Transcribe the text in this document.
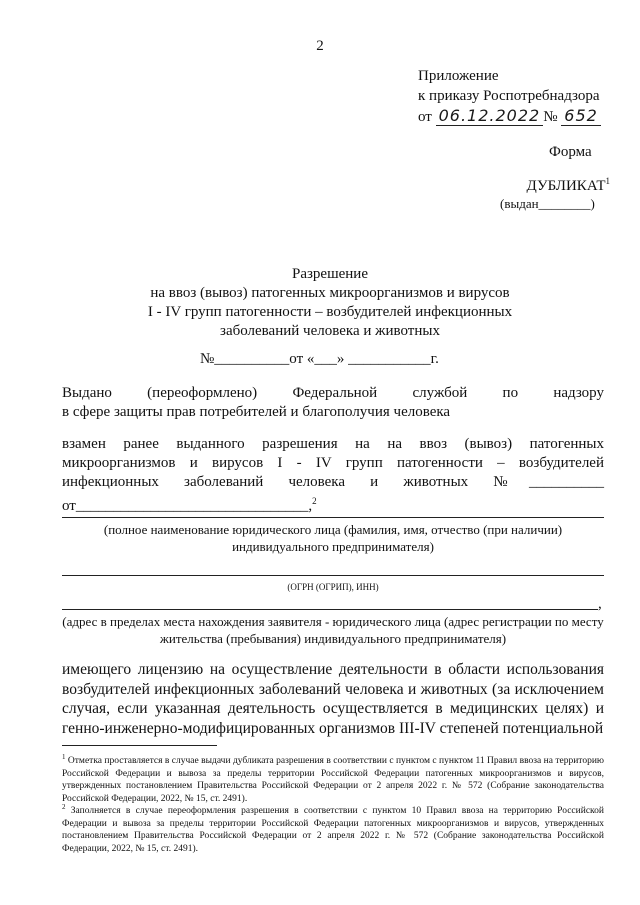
2
Приложение
к приказу Роспотребнадзора
от 06.12.2022 № 652
Форма
ДУБЛИКАТ$^1$
(выдан________)
Разрешение
на ввоз (вывоз) патогенных микроорганизмов и вирусов
I - IV групп патогенности – возбудителей инфекционных
заболеваний человека и животных
№__________от «___» ___________г.
Выдано (переоформлено) Федеральной службой по надзору
в сфере защиты прав потребителей и благополучия человека
взамен ранее выданного разрешения на на ввоз (вывоз) патогенных микроорганизмов и вирусов I - IV групп патогенности – возбудителей инфекционных заболеваний человека и животных №__________ от_______________________________,$^2$
(полное наименование юридического лица (фамилия, имя, отчество (при наличии) индивидуального предпринимателя)
(ОГРН (ОГРИП), ИНН)
,
(адрес в пределах места нахождения заявителя - юридического лица (адрес регистрации по месту жительства (пребывания) индивидуального предпринимателя)
имеющего лицензию на осуществление деятельности в области использования возбудителей инфекционных заболеваний человека и животных (за исключением случая, если указанная деятельность осуществляется в медицинских целях) и генно-инженерно-модифицированных организмов III-IV степеней потенциальной
$^1$ Отметка проставляется в случае выдачи дубликата разрешения в соответствии с пунктом с пунктом 11 Правил ввоза на территорию Российской Федерации и вывоза за пределы территории Российской Федерации патогенных микроорганизмов и вирусов, утвержденных постановлением Правительства Российской Федерации от 2 апреля 2022 г. № 572 (Собрание законодательства Российской Федерации, 2022, № 15, ст. 2491).
$^2$ Заполняется в случае переоформления разрешения в соответствии с пунктом 10 Правил ввоза на территорию Российской Федерации и вывоза за пределы территории Российской Федерации патогенных микроорганизмов и вирусов, утвержденных постановлением Правительства Российской Федерации от 2 апреля 2022 г. № 572 (Собрание законодательства Российской Федерации, 2022, № 15, ст. 2491).
